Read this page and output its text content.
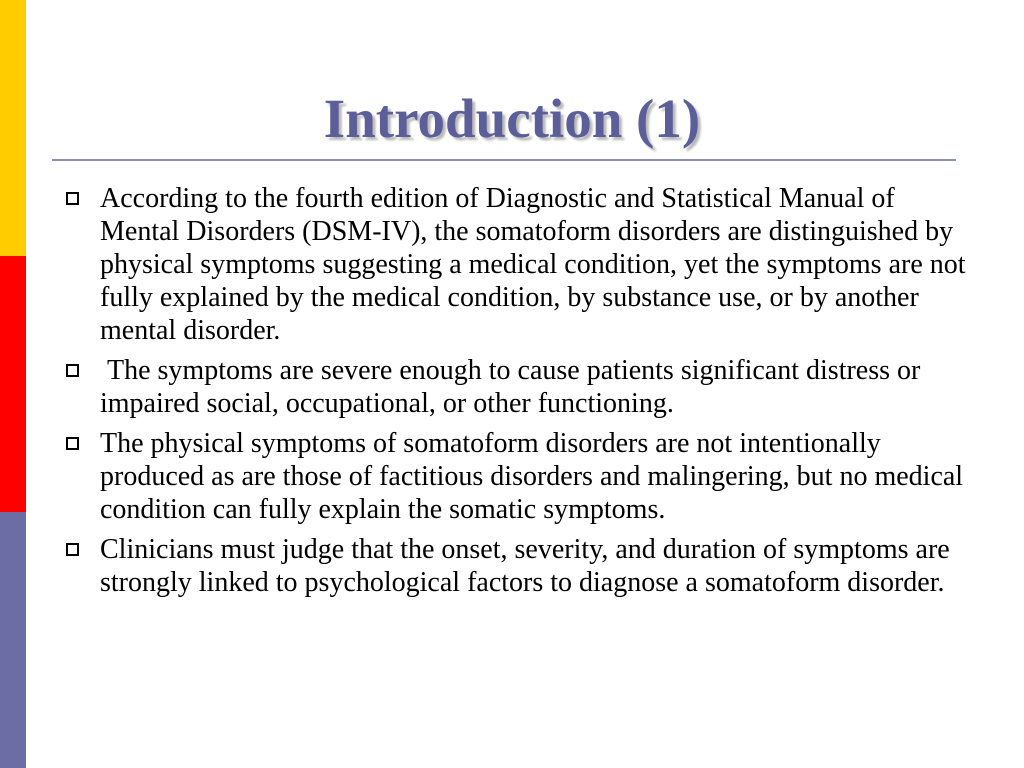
Introduction (1)
According to the fourth edition of Diagnostic and Statistical Manual of Mental Disorders (DSM-IV), the somatoform disorders are distinguished by physical symptoms suggesting a medical condition, yet the symptoms are not fully explained by the medical condition, by substance use, or by another mental disorder.
The symptoms are severe enough to cause patients significant distress or impaired social, occupational, or other functioning.
The physical symptoms of somatoform disorders are not intentionally produced as are those of factitious disorders and malingering, but no medical condition can fully explain the somatic symptoms.
Clinicians must judge that the onset, severity, and duration of symptoms are strongly linked to psychological factors to diagnose a somatoform disorder.
